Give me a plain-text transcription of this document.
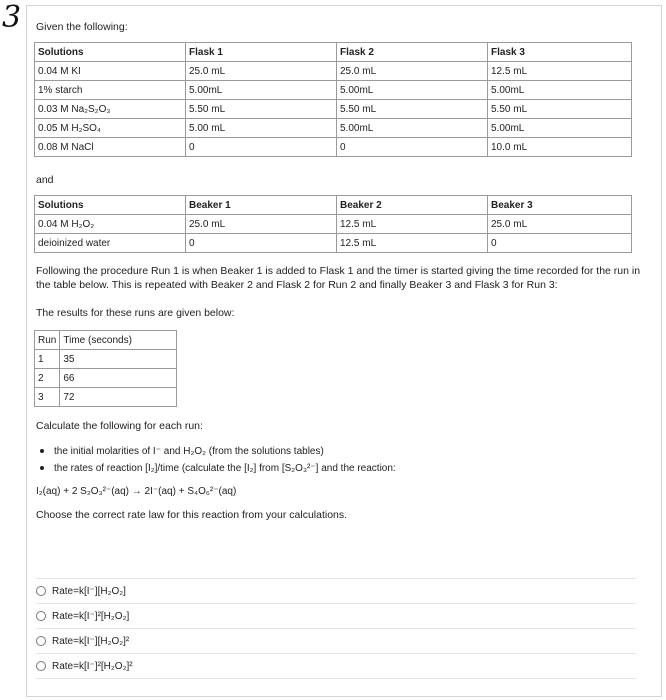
3 Given the following:
Solutions	Flask 1	Flask 2	Flask 3
0.04 M KI	25.0 mL	25.0 mL	12.5 mL
1% starch	5.00mL	5.00mL	5.00mL
0.03 M Na₂S₂O₃	5.50 mL	5.50 mL	5.50 mL
0.05 M H₂SO₄	5.00 mL	5.00mL	5.00mL
0.08 M NaCl	0	0	10.0 mL
and
Solutions	Beaker 1	Beaker 2	Beaker 3
0.04 M H₂O₂	25.0 mL	12.5 mL	25.0 mL
deioinized water	0	12.5 mL	0
Following the procedure Run 1 is when Beaker 1 is added to Flask 1 and the timer is started giving the time recorded for the run in the table below. This is repeated with Beaker 2 and Flask 2 for Run 2 and finally Beaker 3 and Flask 3 for Run 3:
The results for these runs are given below:
Run	Time (seconds)
1	35
2	66
3	72
Calculate the following for each run:
the initial molarities of I⁻ and H₂O₂ (from the solutions tables)
the rates of reaction [I₂]/time (calculate the [I₂] from [S₂O₃²⁻] and the reaction:
I₂(aq) + 2 S₂O₃²⁻(aq) → 2I⁻(aq) + S₄O₆²⁻(aq)
Choose the correct rate law for this reaction from your calculations.
Rate=k[I⁻][H₂O₂]
Rate=k[I⁻]²[H₂O₂]
Rate=k[I⁻][H₂O₂]²
Rate=k[I⁻]²[H₂O₂]²
